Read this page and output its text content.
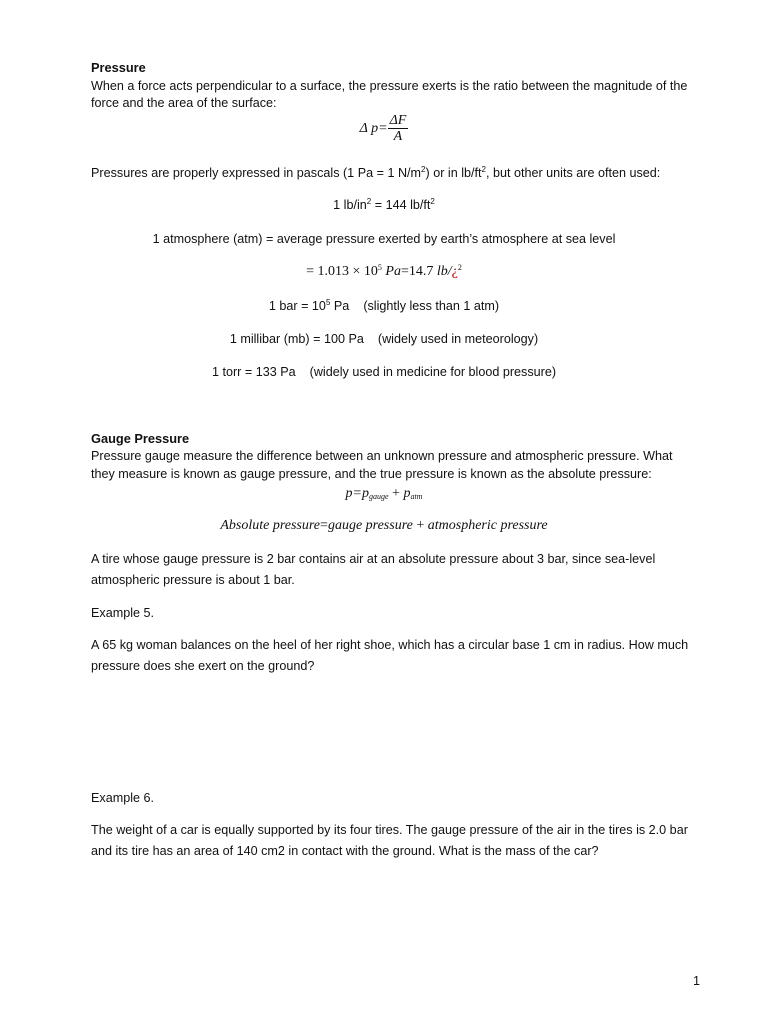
Pressure
When a force acts perpendicular to a surface, the pressure exerts is the ratio between the magnitude of the
force and the area of the surface:
Δ $p= \frac{\Delta F}{A}$
Pressures are properly expressed in pascals (1 Pa = 1 $N/m^2$) or in $lb/ft^2$, but other units are often used:
1 $lb/in^2 = 144$ $lb/ft^2$
1 atmosphere (atm) = average pressure exerted by earth’s atmosphere at sea level
= $1.013 \times 10^5$ Pa=14.7 lb/¿$^2$
1 bar = $10^5$ Pa (slightly less than 1 atm)
1 millibar (mb) = 100 Pa (widely used in meteorology)
1 torr = 133 Pa (widely used in medicine for blood pressure)
Gauge Pressure
Pressure gauge measure the difference between an unknown pressure and atmospheric pressure. What
they measure is known as gauge pressure, and the true pressure is known as the absolute pressure:
$p=p_{gauge} + p_{atm}$
Absolute pressure=gauge pressure + atmospheric pressure
A tire whose gauge pressure is 2 bar contains air at an absolute pressure about 3 bar, since sea-level
atmospheric pressure is about 1 bar.
Example 5.
A 65 kg woman balances on the heel of her right shoe, which has a circular base 1 cm in radius. How much
pressure does she exert on the ground?
Example 6.
The weight of a car is equally supported by its four tires. The gauge pressure of the air in the tires is 2.0 bar
and its tire has an area of 140 cm2 in contact with the ground. What is the mass of the car?
1
